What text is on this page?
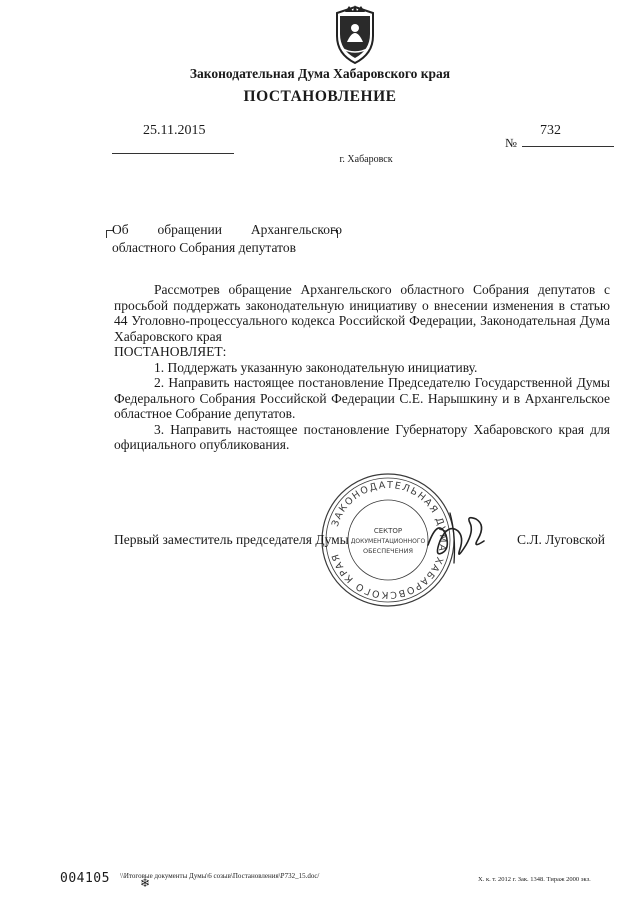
Законодательная Дума Хабаровского края
ПОСТАНОВЛЕНИЕ
25.11.2015
№
732
г. Хабаровск
Об обращении Архангельского
областного Собрания депутатов

Рассмотрев обращение Архангельского областного Собрания депутатов с просьбой поддержать законодательную инициативу о внесении изменения в статью 44 Уголовно-процессуального кодекса Российской Федерации, Законодательная Дума Хабаровского края

ПОСТАНОВЛЯЕТ:

1. Поддержать указанную законодательную инициативу.

2. Направить настоящее постановление Председателю Государственной Думы Федерального Собрания Российской Федерации С.Е. Нарышкину и в Архангельское областное Собрание депутатов.

3. Направить настоящее постановление Губернатору Хабаровского края для официального опубликования.

ЗАКОНОДАТЕЛЬНАЯ ДУМА ХАБАРОВСКОГО КРАЯ
СЕКТОР
ДОКУМЕНТАЦИОННОГО
ОБЕСПЕЧЕНИЯ
Первый заместитель председателя Думы	С.Л. Луговской
004105 \\Итоговые документы Думы\6 созыв\Постановления\P732_15.doc/
❄	Х. к. т. 2012 г. Зак. 1348. Тираж 2000 экз.
